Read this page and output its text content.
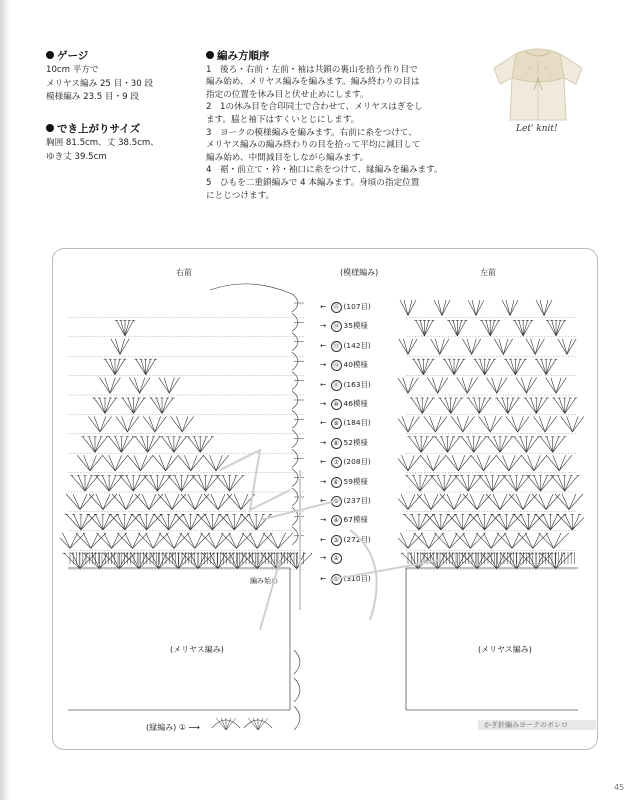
ゲージ
10cm 平方で
メリヤス編み 25 目・30 段
模様編み 23.5 目・9 段
でき上がりサイズ
胸囲 81.5cm、丈 38.5cm、
ゆき丈 39.5cm
編み方順序
1　後ろ・右前・左前・袖は共鎖の裏山を拾う作り目で
編み始め、メリヤス編みを編みます。編み終わりの目は
指定の位置を休み目と伏せ止めにします。
2　1の休み目を合印同士で合わせて、メリヤスはぎをし
ます。脇と袖下はすくいとじにします。
3　ヨークの模様編みを編みます。右前に糸をつけて、
メリヤス編みの編み終わりの目を拾って平均に減目して
編み始め、中間減目をしながら編みます。
4　裾・前立て・衿・袖口に糸をつけて、縁編みを編みます。
5　ひもを二重鎖編みで 4 本編みます。身頃の指定位置
にとじつけます。
Let' knit!
右前	左前
(模様編み)
← ⑮ (107目)
→ ⑭ 35模様
← ⑬ (142目)
→ ⑫ 40模様
← ⑪ (163目)
→ ⑩ 46模様
← ⑨ (184目)
→ ⑧ 52模様
← ⑦ (208目)
→ ⑥ 59模様
← ⑤ (237目)
→ ④ 67模様
← ③ (272目)
→ ②
← ① (310目)
編み始め
(メリヤス編み)	(メリヤス編み)
(縁編み) ① ⟶	かぎ針編みヨークのボレロ
45
